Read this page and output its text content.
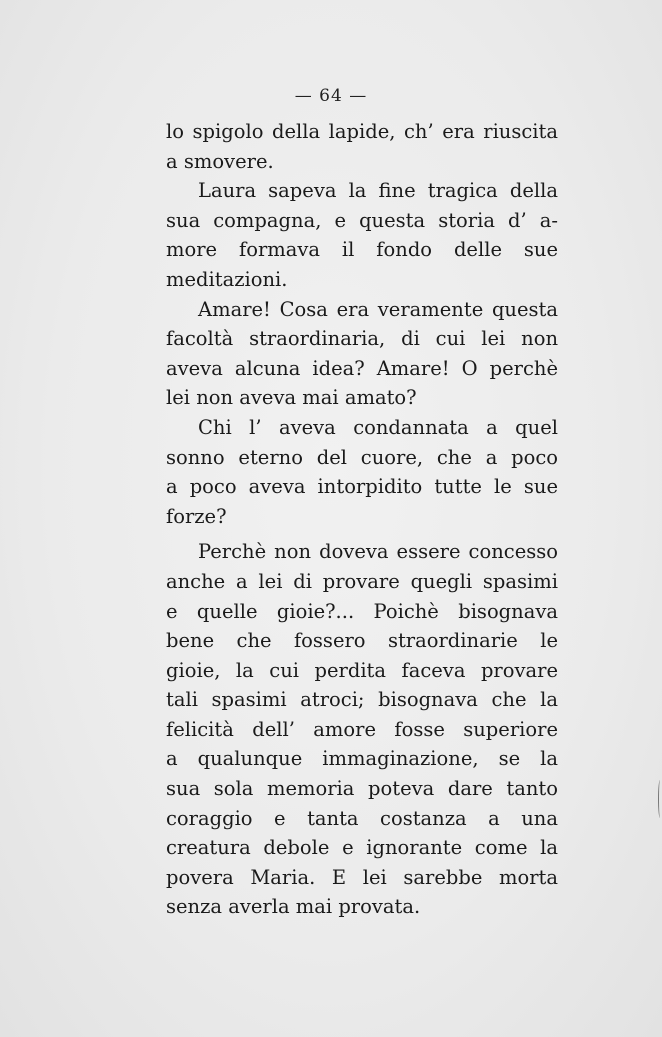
— 64 —
lo spigolo della lapide, ch’ era riuscita
a smovere.
Laura sapeva la fine tragica della
sua compagna, e questa storia d’ a-
more formava il fondo delle sue
meditazioni.
Amare! Cosa era veramente questa
facoltà straordinaria, di cui lei non
aveva alcuna idea? Amare! O perchè
lei non aveva mai amato?
Chi l’ aveva condannata a quel
sonno eterno del cuore, che a poco
a poco aveva intorpidito tutte le sue
forze?
Perchè non doveva essere concesso
anche a lei di provare quegli spasimi
e quelle gioie?... Poichè bisognava
bene che fossero straordinarie le
gioie, la cui perdita faceva provare
tali spasimi atroci; bisognava che la
felicità dell’ amore fosse superiore
a qualunque immaginazione, se la
sua sola memoria poteva dare tanto
coraggio e tanta costanza a una
creatura debole e ignorante come la
povera Maria. E lei sarebbe morta
senza averla mai provata.
